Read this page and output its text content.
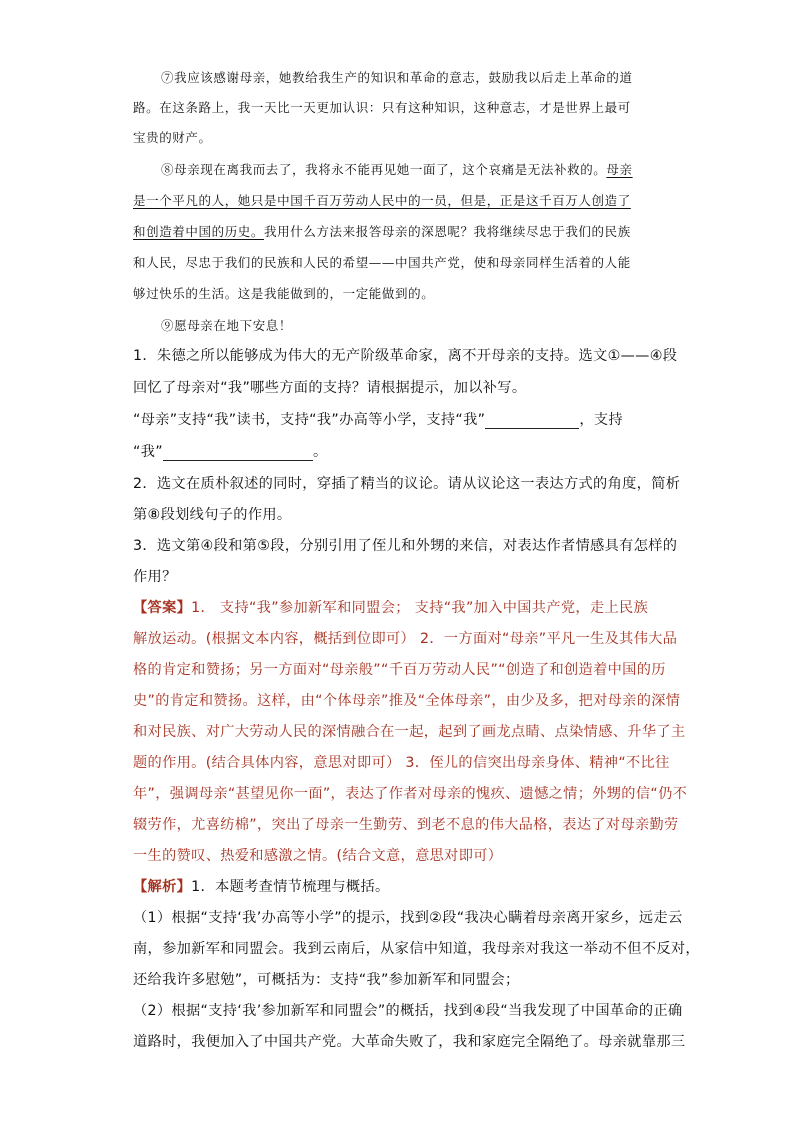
⑦我应该感谢母亲，她教给我生产的知识和革命的意志，鼓励我以后走上革命的道
路。在这条路上，我一天比一天更加认识：只有这种知识，这种意志，才是世界上最可
宝贵的财产。
⑧母亲现在离我而去了，我将永不能再见她一面了，这个哀痛是无法补救的。母亲
是一个平凡的人，她只是中国千百万劳动人民中的一员，但是，正是这千百万人创造了
和创造着中国的历史。我用什么方法来报答母亲的深恩呢？我将继续尽忠于我们的民族
和人民，尽忠于我们的民族和人民的希望——中国共产党，使和母亲同样生活着的人能
够过快乐的生活。这是我能做到的，一定能做到的。
⑨愿母亲在地下安息！
1．朱德之所以能够成为伟大的无产阶级革命家，离不开母亲的支持。选文①——④段
回忆了母亲对“我”哪些方面的支持？请根据提示，加以补写。
“母亲”支持“我”读书，支持“我”办高等小学，支持“我”	，支持
“我”	。
2．选文在质朴叙述的同时，穿插了精当的议论。请从议论这一表达方式的角度，简析
第⑧段划线句子的作用。
3．选文第④段和第⑤段，分别引用了侄儿和外甥的来信，对表达作者情感具有怎样的
作用？
【答案】1． 支持“我”参加新军和同盟会； 支持“我”加入中国共产党，走上民族
解放运动。(根据文本内容，概括到位即可） 2．一方面对“母亲”平凡一生及其伟大品
格的肯定和赞扬；另一方面对“母亲般”“千百万劳动人民”“创造了和创造着中国的历
史”的肯定和赞扬。这样，由“个体母亲”推及“全体母亲”，由少及多，把对母亲的深情
和对民族、对广大劳动人民的深情融合在一起，起到了画龙点睛、点染情感、升华了主
题的作用。(结合具体内容，意思对即可） 3．侄儿的信突出母亲身体、精神“不比往
年”，强调母亲“甚望见你一面”，表达了作者对母亲的愧疚、遗憾之情；外甥的信“仍不
辍劳作，尤喜纺棉”，突出了母亲一生勤劳、到老不息的伟大品格，表达了对母亲勤劳
一生的赞叹、热爱和感激之情。(结合文意，意思对即可）
【解析】1．本题考查情节梳理与概括。
（1）根据“支持‘我’办高等小学”的提示，找到②段“我决心瞒着母亲离开家乡，远走云
南，参加新军和同盟会。我到云南后，从家信中知道，我母亲对我这一举动不但不反对，
还给我许多慰勉”，可概括为：支持“我”参加新军和同盟会；
（2）根据“支持‘我’参加新军和同盟会”的概括，找到④段“当我发现了中国革命的正确
道路时，我便加入了中国共产党。大革命失败了，我和家庭完全隔绝了。母亲就靠那三
